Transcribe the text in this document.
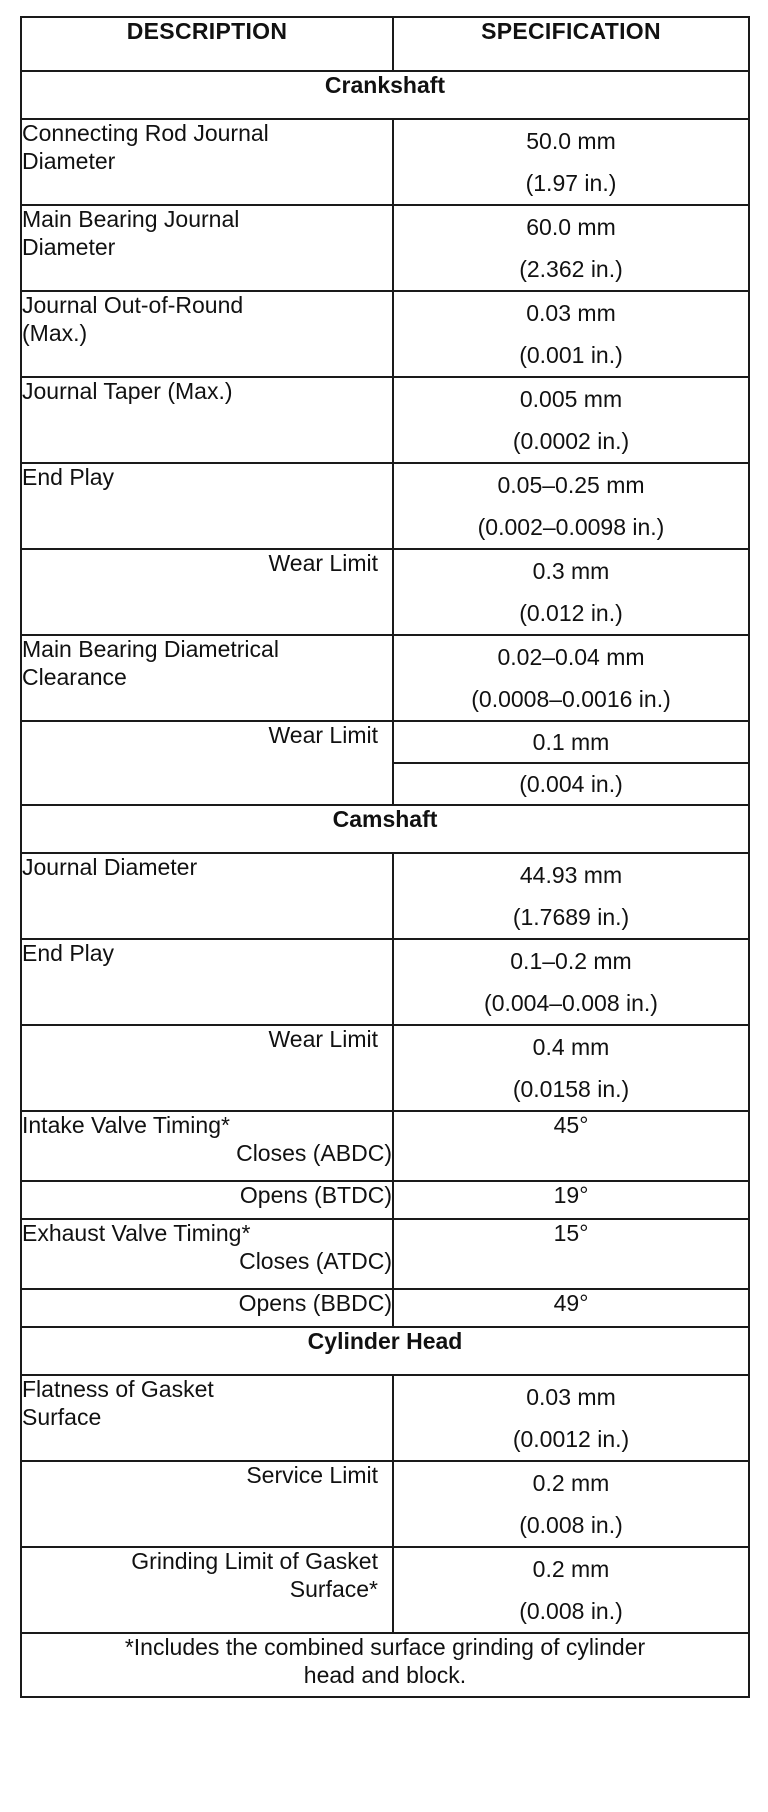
DESCRIPTION	SPECIFICATION
Crankshaft	

Connecting Rod Journal
Diameter	50.0 mm
(1.97 in.)

Main Bearing Journal
Diameter	60.0 mm
(2.362 in.)

Journal Out-of-Round
(Max.)	0.03 mm
(0.001 in.)

Journal Taper (Max.)	0.005 mm
(0.0002 in.)

End Play	0.05–0.25 mm
(0.002–0.0098 in.)

Wear Limit	0.3 mm
(0.012 in.)

Main Bearing Diametrical
Clearance	0.02–0.04 mm
(0.0008–0.0016 in.)

Wear Limit	0.1 mm

	(0.004 in.)

Camshaft	

Journal Diameter	44.93 mm
(1.7689 in.)

End Play	0.1–0.2 mm
(0.004–0.008 in.)

Wear Limit	0.4 mm
(0.0158 in.)

Intake Valve Timing*	45°
Closes (ABDC)	
Opens (BTDC)	19°
Exhaust Valve Timing*	15°
Closes (ATDC)	
Opens (BBDC)	49°
Cylinder Head	

Flatness of Gasket
Surface	0.03 mm
(0.0012 in.)

Service Limit	0.2 mm
(0.008 in.)

Grinding Limit of Gasket
Surface*	0.2 mm
(0.008 in.)

*Includes the combined surface grinding of cylinder
head and block.	
